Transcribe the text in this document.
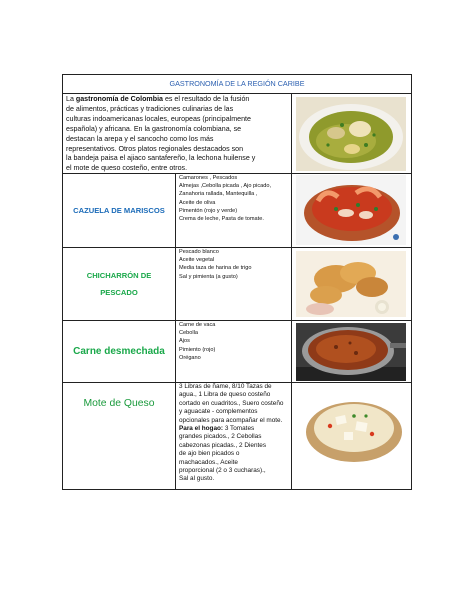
GASTRONOMÍA DE LA REGIÓN CARIBE
La gastronomía de Colombia es el resultado de la fusión
de alimentos, prácticas y tradiciones culinarias de las
culturas indoamericanas locales, europeas (principalmente
española) y africana. En la gastronomía colombiana, se
destacan la arepa y el sancocho como los más
representativos. Otros platos regionales destacados son
la bandeja paisa el ajiaco santafereño, la lechona huilense y
el mote de queso costeño, entre otros.
CAZUELA DE MARISCOS
Camarones , Pescados
Almejas ,Cebolla picada , Ajo picado,
Zanahoria rallada, Mantequilla ,
Aceite de oliva
Pimentón (rojo y verde)
Crema de leche, Pasta de tomate.
CHICHARRÓN DE
PESCADO
Pescado blanco
Aceite vegetal
Media taza de harina de trigo
Sal y pimienta (a gusto)
Carne desmechada
Carne de vaca
Cebolla
Ajos
Pimiento (rojo)
Orégano
Mote de Queso
3 Libras de ñame, 8/10 Tazas de
agua., 1 Libra de queso costeño
cortado en cuadritos., Suero costeño
y aguacate - complementos
opcionales para acompañar el mote.
Para el hogao: 3 Tomates
grandes picados., 2 Cebollas
cabezonas picadas., 2 Dientes
de ajo bien picados o
machacados., Aceite
proporcional (2 o 3 cucharas).,
Sal al gusto.
